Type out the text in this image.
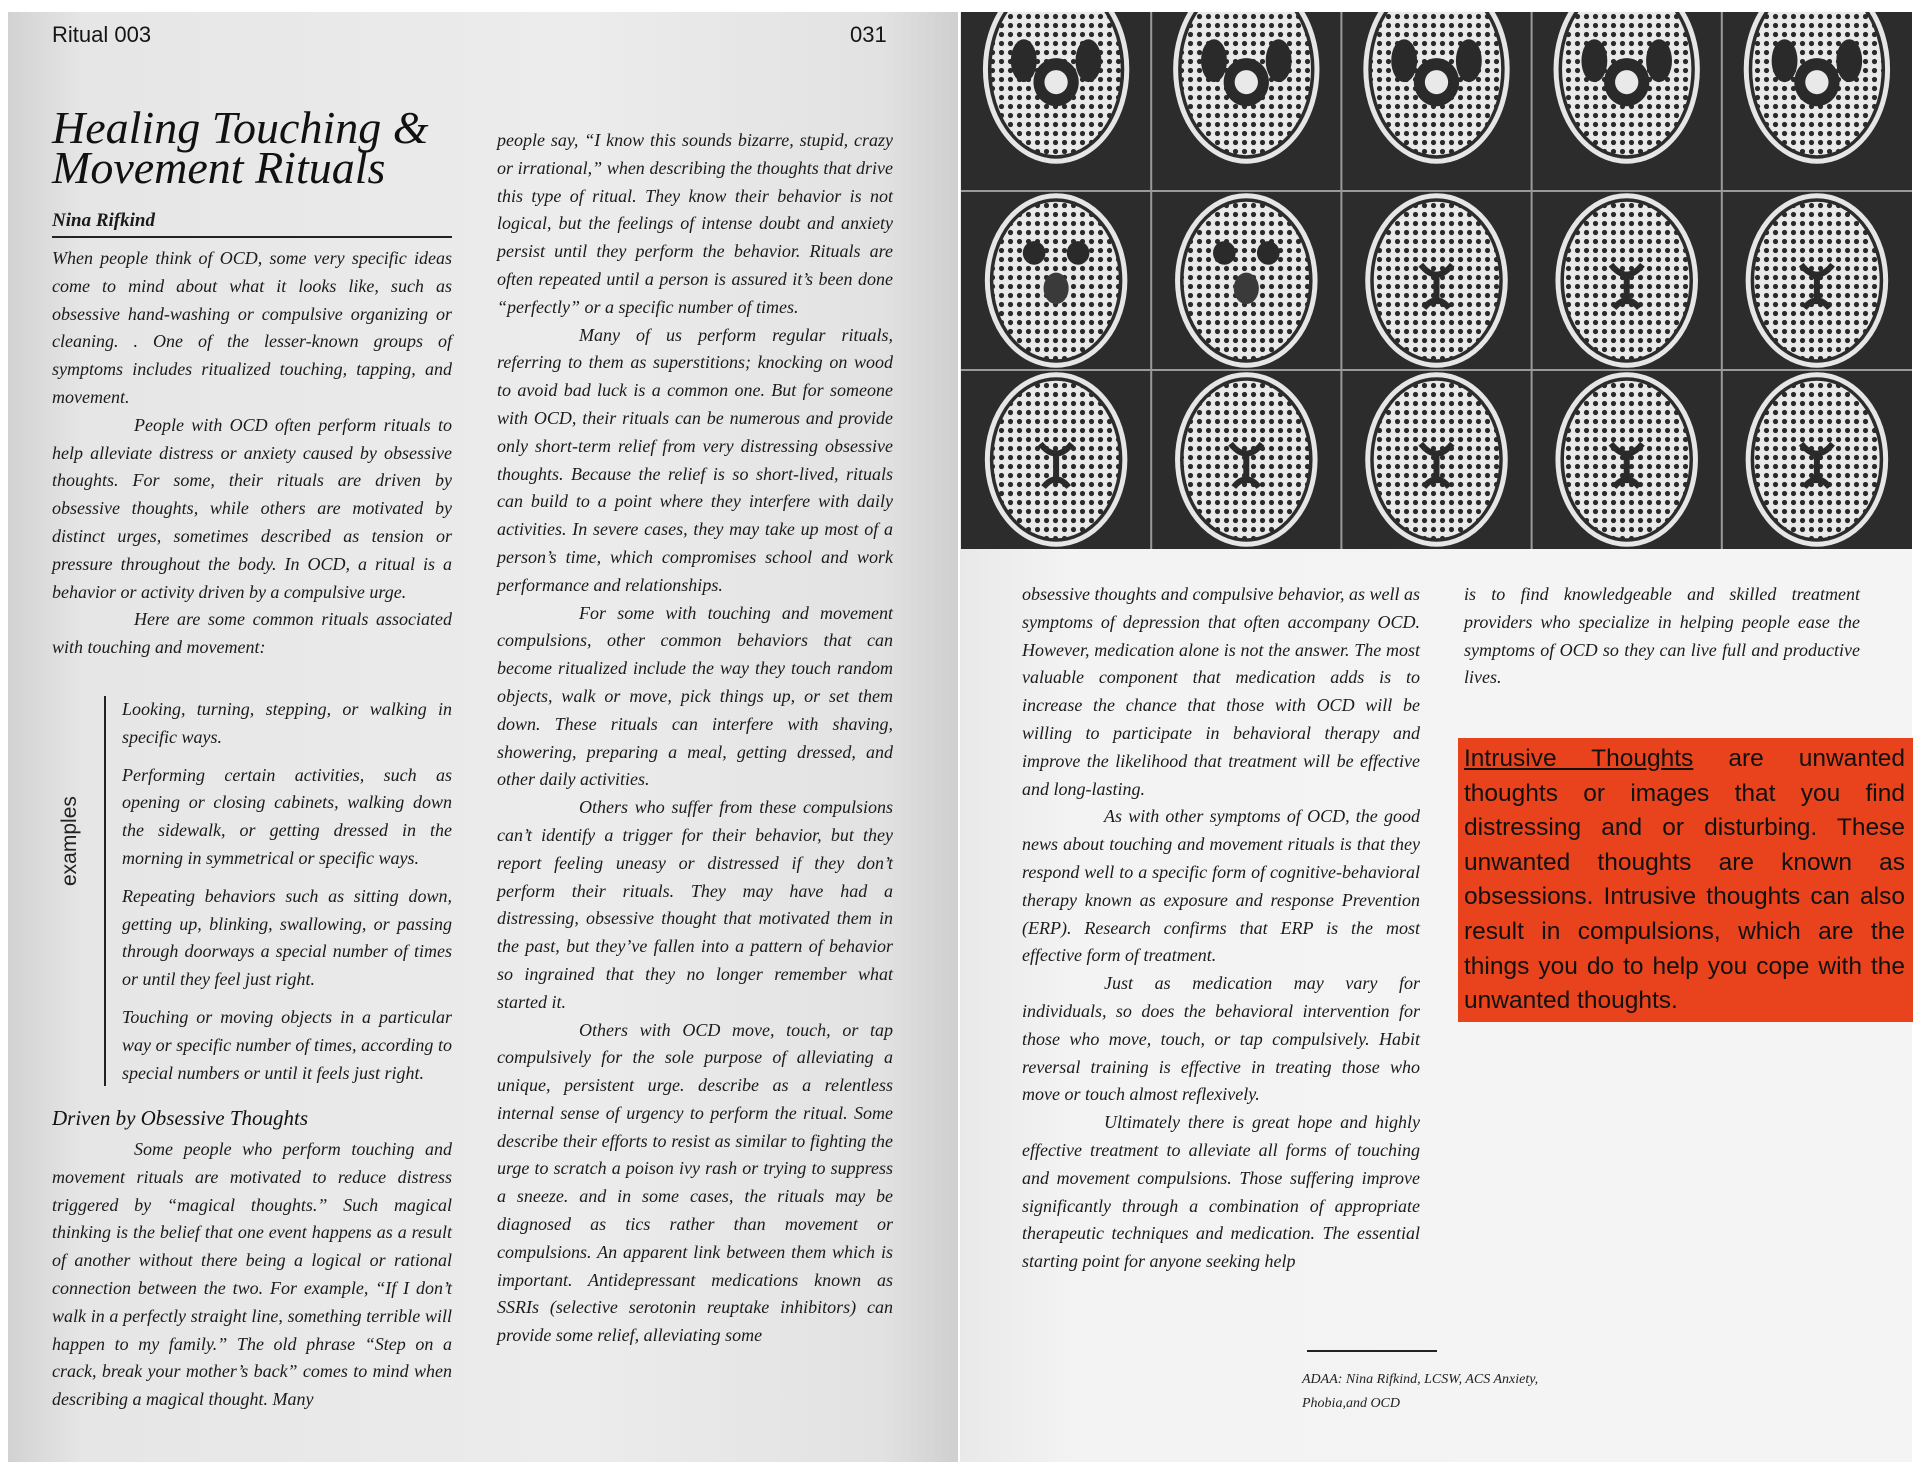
Ritual 003	031
Healing Touching &
Movement Rituals
Nina Rifkind

When people think of OCD, some very specific ideas come to mind about what it looks like, such as obsessive hand-washing or compulsive organizing or cleaning. . One of the lesser-known groups of symptoms includes ritualized touching, tapping, and movement.

People with OCD often perform rituals to help alleviate distress or anxiety caused by obsessive thoughts. For some, their rituals are driven by obsessive thoughts, while others are motivated by distinct urges, sometimes described as tension or pressure throughout the body. In OCD, a ritual is a behavior or activity driven by a compulsive urge.

Here are some common rituals associated with touching and movement:

examples

Looking, turning, stepping, or walking in specific ways.

Performing certain activities, such as opening or closing cabinets, walking down the sidewalk, or getting dressed in the morning in symmetrical or specific ways.

Repeating behaviors such as sitting down, getting up, blinking, swallowing, or passing through doorways a special number of times or until they feel just right.

Touching or moving objects in a particular way or specific number of times, according to special numbers or until it feels just right.

Driven by Obsessive Thoughts

Some people who perform touching and movement rituals are motivated to reduce distress triggered by “magical thoughts.” Such magical thinking is the belief that one event happens as a result of another without there being a logical or rational connection between the two. For example, “If I don’t walk in a perfectly straight line, something terrible will happen to my family.” The old phrase “Step on a crack, break your mother’s back” comes to mind when describing a magical thought. Many

people say, “I know this sounds bizarre, stupid, crazy or irrational,” when describing the thoughts that drive this type of ritual. They know their behavior is not logical, but the feelings of intense doubt and anxiety persist until they perform the behavior. Rituals are often repeated until a person is assured it’s been done “perfectly” or a specific number of times.

Many of us perform regular rituals, referring to them as superstitions; knocking on wood to avoid bad luck is a common one. But for someone with OCD, their rituals can be numerous and provide only short-term relief from very distressing obsessive thoughts. Because the relief is so short-lived, rituals can build to a point where they interfere with daily activities. In severe cases, they may take up most of a person’s time, which compromises school and work performance and relationships.

For some with touching and movement compulsions, other common behaviors that can become ritualized include the way they touch random objects, walk or move, pick things up, or set them down. These rituals can interfere with shaving, showering, preparing a meal, getting dressed, and other daily activities.

Others who suffer from these compulsions can’t identify a trigger for their behavior, but they report feeling uneasy or distressed if they don’t perform their rituals. They may have had a distressing, obsessive thought that motivated them in the past, but they’ve fallen into a pattern of behavior so ingrained that they no longer remember what started it.

Others with OCD move, touch, or tap compulsively for the sole purpose of alleviating a unique, persistent urge. describe as a relentless internal sense of urgency to perform the ritual. Some describe their efforts to resist as similar to fighting the urge to scratch a poison ivy rash or trying to suppress a sneeze. and in some cases, the rituals may be diagnosed as tics rather than movement or compulsions. An apparent link between them which is important. Antidepressant medications known as SSRIs (selective serotonin reuptake inhibitors) can provide some relief, alleviating some

obsessive thoughts and compulsive behavior, as well as symptoms of depression that often accompany OCD. However, medication alone is not the answer. The most valuable component that medication adds is to increase the chance that those with OCD will be willing to participate in behavioral therapy and improve the likelihood that treatment will be effective and long-lasting.

As with other symptoms of OCD, the good news about touching and movement rituals is that they respond well to a specific form of cognitive-behavioral therapy known as exposure and response Prevention (ERP). Research confirms that ERP is the most effective form of treatment.

Just as medication may vary for individuals, so does the behavioral intervention for those who move, touch, or tap compulsively. Habit reversal training is effective in treating those who move or touch almost reflexively.

Ultimately there is great hope and highly effective treatment to alleviate all forms of touching and movement compulsions. Those suffering improve significantly through a combination of appropriate therapeutic techniques and medication. The essential starting point for anyone seeking help

is to find knowledgeable and skilled treatment providers who specialize in helping people ease the symptoms of OCD so they can live full and productive lives.

Intrusive Thoughts are unwanted thoughts or images that you find distressing and or disturbing. These unwanted thoughts are known as obsessions. Intrusive thoughts can also result in compulsions, which are the things you do to help you cope with the unwanted thoughts.
ADAA: Nina Rifkind, LCSW, ACS Anxiety,
Phobia,and OCD
